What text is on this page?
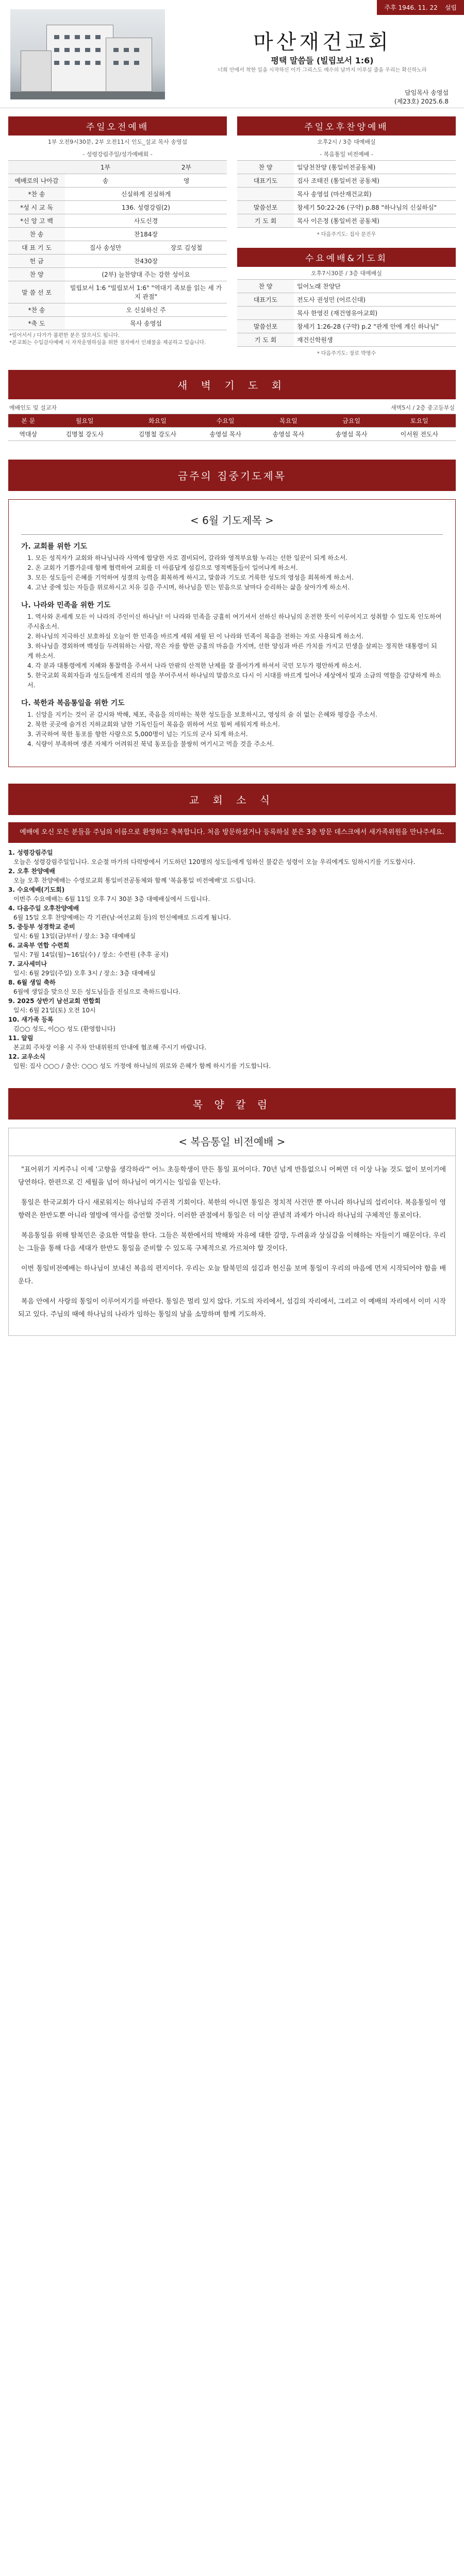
주후 1946. 11. 22 설립
마산재건교회
평택 말씀들 (빌립보서 1:6)
너희 안에서 착한 일을 시작하신 이가 그리스도 예수의 날까지 이루실 줄을 우리는 확신하노라
담임목사 송영섭
(제23호) 2025.6.8
주일오전예배
1부 오전9시30분, 2부 오전11시 인도_설교 목사 송영섭
- 성령강림주일/성가예배회 -
	1부	2부
예배로의 나아감	송	영
*찬 송	신실하게 진실하게	
*성 시 교 독	136. 성령강림(2)	
*신 앙 고 백	사도신경	
찬 송	찬184장	
대 표 기 도	집사 송성만	장로 김성철
헌 금	찬430장	
찬 양	(2부) 늘찬양대 주는 강한 성이요	
말 씀 선 포	빌립보서 1:6 "빌립보서 1:6" "역대기 족보를 읽는 세 가지 관점"	
*찬 송	오 신실하신 주	
*축 도	목사 송영섭	
*일어서서 / 다가가 불편한 분은 앉으셔도 됩니다.
*본교회는 수입감사예배 시 자작운영하심을 위한 점자에서 인쇄물을 제공하고 있습니다.
주일오후찬양예배
오후2시 / 3층 대예배실
- 복음통일 비전예배 -
찬 양	일당천찬양 (통일비전공동체)
대표기도	집사 조태진 (통일비전 공동체)
	목사 송영섭 (마산재건교회)
말씀선포	창세기 50:22-26 (구약) p.88 "하나님의 신실하심"
기 도 회	목사 이은정 (통일비전 공동체)
* 다음주기도: 집사 문진우
수요예배&기도회
오후7시30분 / 3층 대예배실
찬 양	일어노래 찬양단
대표기도	전도사 권성민 (어르신대)
	목사 한영진 (재건영유아교회)
말씀선포	창세기 1:26-28 (구약) p.2 "관계 안에 계신 하나님"
기 도 회	재건신학원생
* 다음주기도: 장로 박영수
새 벽 기 도 회
예배인도 및 설교자	새벽5시 / 2층 중고등부실
본 문	월요일	화요일	수요일	목요일	금요일	토요일
역대상	김명철 강도사	김명철 강도사	송영섭 목사	송영섭 목사	송영섭 목사	이서원 전도사
금주의 집중기도제목
< 6월 기도제목 >
가. 교회를 위한 기도

1. 모든 성직자가 교회와 하나님나라 사역에 합당한 자로 겸비되어, 갈라와 영적부요함 누리는 선한 일꾼이 되게 하소서.

2. 온 교회가 기쁨가운데 함께 협력하여 교회를 더 아름답게 섬김으로 영적벽돌들이 일어나게 하소서.

3. 모든 성도들이 은혜를 기억하여 성결의 능력을 회복하게 하시고, 말씀과 기도로 거룩한 성도의 영성을 회복하게 하소서.

4. 고난 중에 있는 자들을 위로하시고 치유 길을 주시며, 하나님을 믿는 믿음으로 날마다 승리하는 삶을 살아가게 하소서.

나. 나라와 민족을 위한 기도

1. 역사와 온세계 모든 이 나라의 주인이신 하나님! 이 나라와 민족을 긍휼히 여기셔서 선하신 하나님의 온전한 뜻이 이루어지고 성취할 수 있도록 인도하여 주시옵소서.

2. 하나님의 지극하신 보호하심 오늘이 한 민족을 바르게 세워 세월 된 이 나라와 민족이 복음을 전하는 자로 사용되게 하소서.

3. 하나님을 경외하며 백성들 두려워하는 사람, 작은 자를 향한 긍휼의 마음을 가지며, 선한 양심과 바른 가치를 가지고 민생을 살피는 정직한 대통령이 되게 하소서.

4. 각 분과 대통령에게 지혜와 통찰력을 주셔서 나라 안팎의 산적한 난제를 잘 풀어가게 하셔서 국민 모두가 평안하게 하소서.

5. 한국교회 목회자들과 성도들에게 진리의 영을 부어주셔서 하나님의 말씀으로 다시 이 시대를 바르게 일어나 세상에서 빛과 소금의 역할을 감당하게 하소서.

다. 북한과 복음통일을 위한 기도

1. 신앙을 지키는 것이 곧 감시와 박해, 체포, 죽음을 의미하는 북한 성도들을 보호하시고, 영성의 숨 쉬 없는 은혜와 평강을 주소서.

2. 북한 곳곳에 숨겨진 지하교회와 남한 기독인들이 복음을 위하여 서로 힘써 세워지게 하소서.

3. 귀국하여 북한 동포를 향한 사랑으로 5,000명이 넘는 기도의 군사 되게 하소서.

4. 식량이 부족하며 생존 자체가 어려워진 북녘 동포들을 불쌍히 여기시고 먹을 것을 주소서.

교 회 소 식
예배에 오신 모든 분들을 주님의 이름으로 환영하고 축복합니다. 처음 방문하셨거나 등록하실 분은 3층 방문 데스크에서 새가족위원을 만나주세요.
1. 성령강림주일

오늘은 성령강림주일입니다. 오순절 마가의 다락방에서 기도하던 120명의 성도들에게 임하신 불같은 성령이 오늘 우리에게도 임하시기를 기도합시다.

2. 오후 찬양예배

오늘 오후 찬양예배는 수영로교회 통일비전공동체와 함께 '복음통일 비전예배'로 드립니다.

3. 수요예배(기도회)

이번주 수요예배는 6월 11일 오후 7시 30분 3층 대예배실에서 드립니다.

4. 다음주일 오후찬양예배

6월 15일 오후 찬양예배는 각 기관(남·여선교회 등)의 헌신예배로 드리게 됩니다.

5. 중등부 성경학교 준비

일시: 6월 13일(금)부터 / 장소: 3층 대예배실

6. 교육부 연합 수련회

일시: 7월 14일(월)~16일(수) / 장소: 수련원 (추후 공지)

7. 교사세미나

일시: 6월 29일(주일) 오후 3시 / 장소: 3층 대예배실

8. 6월 생일 축하

6월에 생일을 맞으신 모든 성도님들을 진심으로 축하드립니다.

9. 2025 상반기 남선교회 연합회

일시: 6월 21일(토) 오전 10시

10. 새가족 등록

김○○ 성도, 이○○ 성도 (환영합니다)

11. 알림

본교회 주차장 이용 시 주차 안내위원의 안내에 협조해 주시기 바랍니다.

12. 교우소식

입원: 집사 ○○○ / 출산: ○○○ 성도 가정에 하나님의 위로와 은혜가 함께 하시기를 기도합니다.

목 양 칼 럼
< 복음통일 비전예배 >

"표어위기 지켜주니 이제 '고향을 생각하라'" 어느 초등학생이 만든 통일 표어이다. 70년 넘게 반틈없으니 어쩌면 더 이상 나눔 것도 없이 보이기에 당연하다. 한편으로 긴 세월을 넘어 하나님이 여기시는 일임을 믿는다.

통일은 한국교회가 다시 새로워지는 하나님의 주권적 기회이다. 북한의 아니면 통일은 정치적 사건만 뿐 아니라 하나님의 섭리이다. 복음통일이 영향력은 한반도뿐 아니라 열방에 역사를 증언할 것이다. 이러한 관점에서 통일은 더 이상 관념적 과제가 아니라 하나님의 구체적인 통로이다.

복음통일을 위해 탈북민은 중요한 역할을 한다. 그들은 북한에서의 박해와 자유에 대한 갈망, 두려움과 상실감을 이해하는 자들이기 때문이다. 우리는 그들을 통해 다음 세대가 한반도 통일을 준비할 수 있도록 구체적으로 가르쳐야 할 것이다.

이번 통일비전예배는 하나님이 보내신 복음의 편지이다. 우리는 오늘 탈북민의 섬김과 헌신을 보며 통일이 우리의 마음에 먼저 시작되어야 함을 배운다.

복음 안에서 사랑의 통일이 이루어지기를 바란다. 통일은 멀리 있지 않다. 기도의 자리에서, 섬김의 자리에서, 그리고 이 예배의 자리에서 이미 시작되고 있다. 주님의 때에 하나님의 나라가 임하는 통일의 날을 소망하며 함께 기도하자.
